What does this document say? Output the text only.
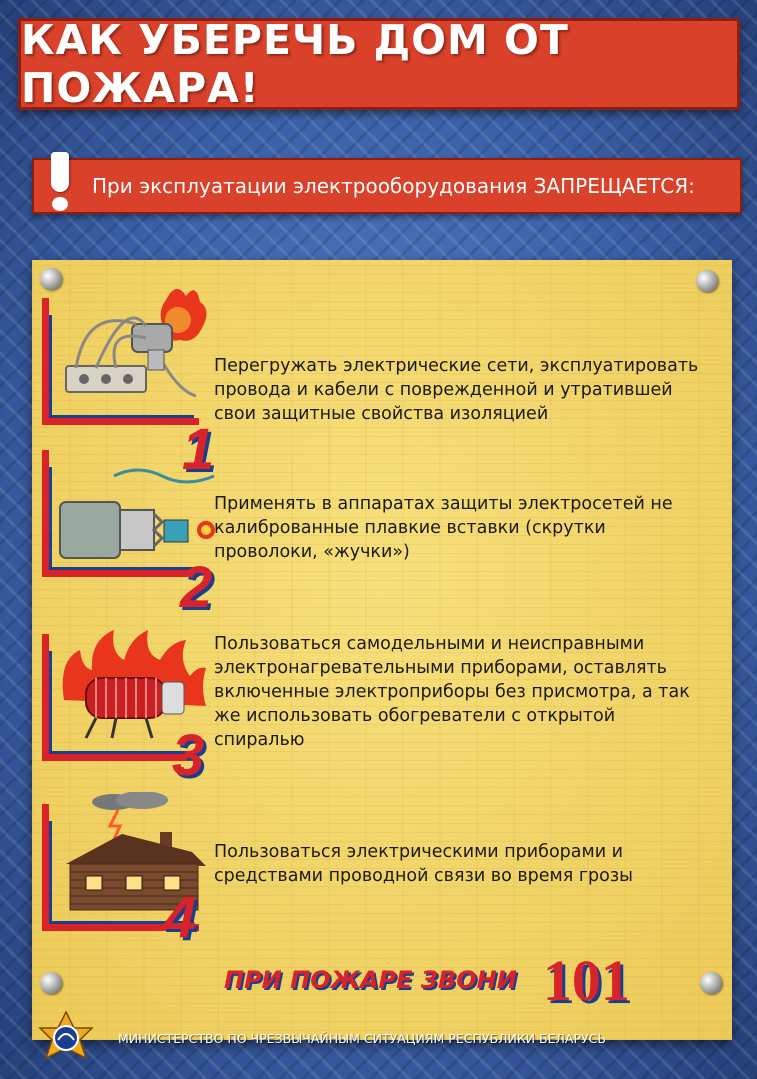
КАК УБЕРЕЧЬ ДОМ ОТ ПОЖАРА!
При эксплуатации электрооборудования ЗАПРЕЩАЕТСЯ:
1

Перегружать электрические сети, эксплуатировать провода и кабели с поврежденной и утратившей свои защитные свойства изоляцией

2

Применять в аппаратах защиты электросетей не калиброванные плавкие вставки (скрутки проволоки, «жучки»)

3

Пользоваться самодельными и неисправными электронагревательными приборами, оставлять включенные электроприборы без присмотра, а так же использовать обогреватели с открытой спиралью

4

Пользоваться электрическими приборами и средствами проводной связи во время грозы

ПРИ ПОЖАРЕ ЗВОНИ 101
МИНИСТЕРСТВО ПО ЧРЕЗВЫЧАЙНЫМ СИТУАЦИЯМ РЕСПУБЛИКИ БЕЛАРУСЬ
